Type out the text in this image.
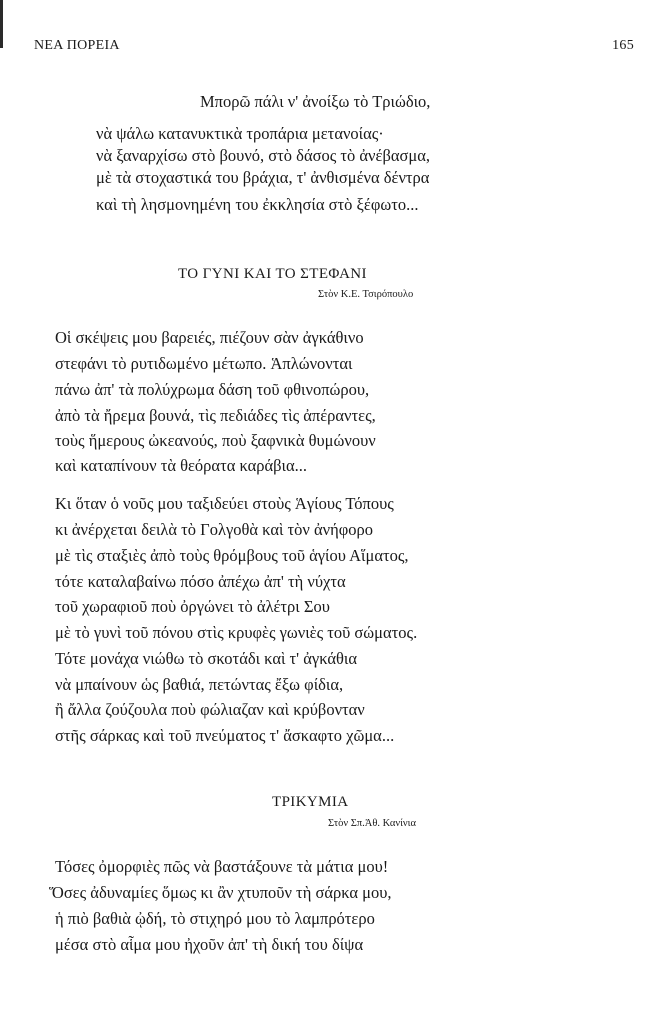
ΝΕΑ ΠΟΡΕΙΑ	165
Μπορῶ πάλι ν' ἀνοίξω τὸ Τριώδιο,
νὰ ψάλω κατανυκτικὰ τροπάρια μετανοίας·
νὰ ξαναρχίσω στὸ βουνό, στὸ δάσος τὸ ἀνέβασμα,
μὲ τὰ στοχαστικά του βράχια, τ' ἀνθισμένα δέντρα
καὶ τὴ λησμονημένη του ἐκκλησία στὸ ξέφωτο...
ΤΟ ΓΥΝΙ ΚΑΙ ΤΟ ΣΤΕΦΑΝΙ
Στὸν Κ.Ε. Τσιρόπουλο
Οἱ σκέψεις μου βαρειές, πιέζουν σὰν ἀγκάθινο
στεφάνι τὸ ρυτιδωμένο μέτωπο. Ἁπλώνονται
πάνω ἀπ' τὰ πολύχρωμα δάση τοῦ φθινοπώρου,
ἀπὸ τὰ ἤρεμα βουνά, τὶς πεδιάδες τὶς ἀπέραντες,
τοὺς ἥμερους ὠκεανούς, ποὺ ξαφνικὰ θυμώνουν
καὶ καταπίνουν τὰ θεόρατα καράβια...
Κι ὅταν ὁ νοῦς μου ταξιδεύει στοὺς Ἁγίους Τόπους
κι ἀνέρχεται δειλὰ τὸ Γολγοθὰ καὶ τὸν ἀνήφορο
μὲ τὶς σταξιὲς ἀπὸ τοὺς θρόμβους τοῦ ἁγίου Αἵματος,
τότε καταλαβαίνω πόσο ἀπέχω ἀπ' τὴ νύχτα
τοῦ χωραφιοῦ ποὺ ὀργώνει τὸ ἀλέτρι Σου
μὲ τὸ γυνὶ τοῦ πόνου στὶς κρυφὲς γωνιὲς τοῦ σώματος.
Τότε μονάχα νιώθω τὸ σκοτάδι καὶ τ' ἀγκάθια
νὰ μπαίνουν ὡς βαθιά, πετώντας ἔξω φίδια,
ἢ ἄλλα ζούζουλα ποὺ φώλιαζαν καὶ κρύβονταν
στῆς σάρκας καὶ τοῦ πνεύματος τ' ἄσκαφτο χῶμα...
ΤΡΙΚΥΜΙΑ
Στὸν Σπ.Ἀθ. Κανίνια
Τόσες ὀμορφιὲς πῶς νὰ βαστάξουνε τὰ μάτια μου!
Ὅσες ἀδυναμίες ὅμως κι ἂν χτυποῦν τὴ σάρκα μου,
ἡ πιὸ βαθιὰ ᾠδή, τὸ στιχηρό μου τὸ λαμπρότερο
μέσα στὸ αἷμα μου ἠχοῦν ἀπ' τὴ δική του δίψα
